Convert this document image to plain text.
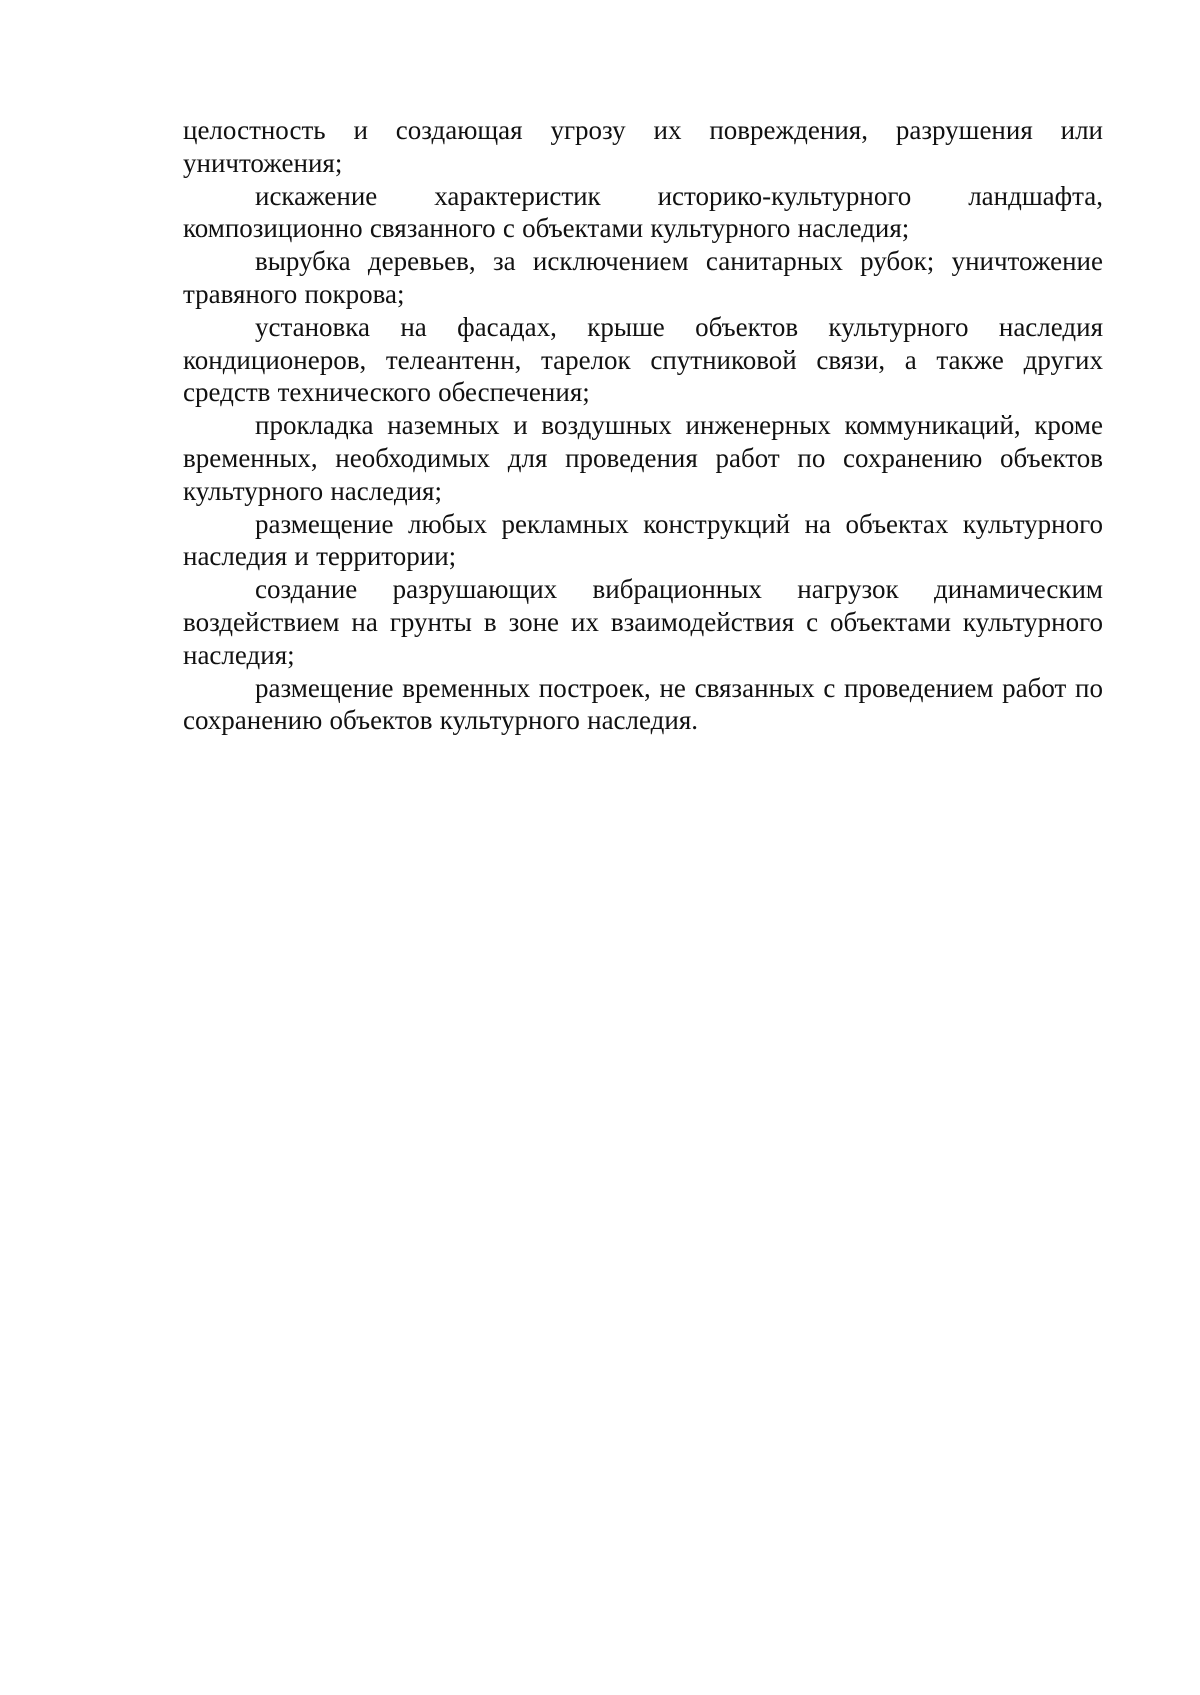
целостность и создающая угрозу их повреждения, разрушения или уничтожения;

искажение характеристик историко-культурного ландшафта, композиционно связанного с объектами культурного наследия;

вырубка деревьев, за исключением санитарных рубок; уничтожение травяного покрова;

установка на фасадах, крыше объектов культурного наследия кондиционеров, телеантенн, тарелок спутниковой связи, а также других средств технического обеспечения;

прокладка наземных и воздушных инженерных коммуникаций, кроме временных, необходимых для проведения работ по сохранению объектов культурного наследия;

размещение любых рекламных конструкций на объектах культурного наследия и территории;

создание разрушающих вибрационных нагрузок динамическим воздействием на грунты в зоне их взаимодействия с объектами культурного наследия;

размещение временных построек, не связанных с проведением работ по сохранению объектов культурного наследия.
